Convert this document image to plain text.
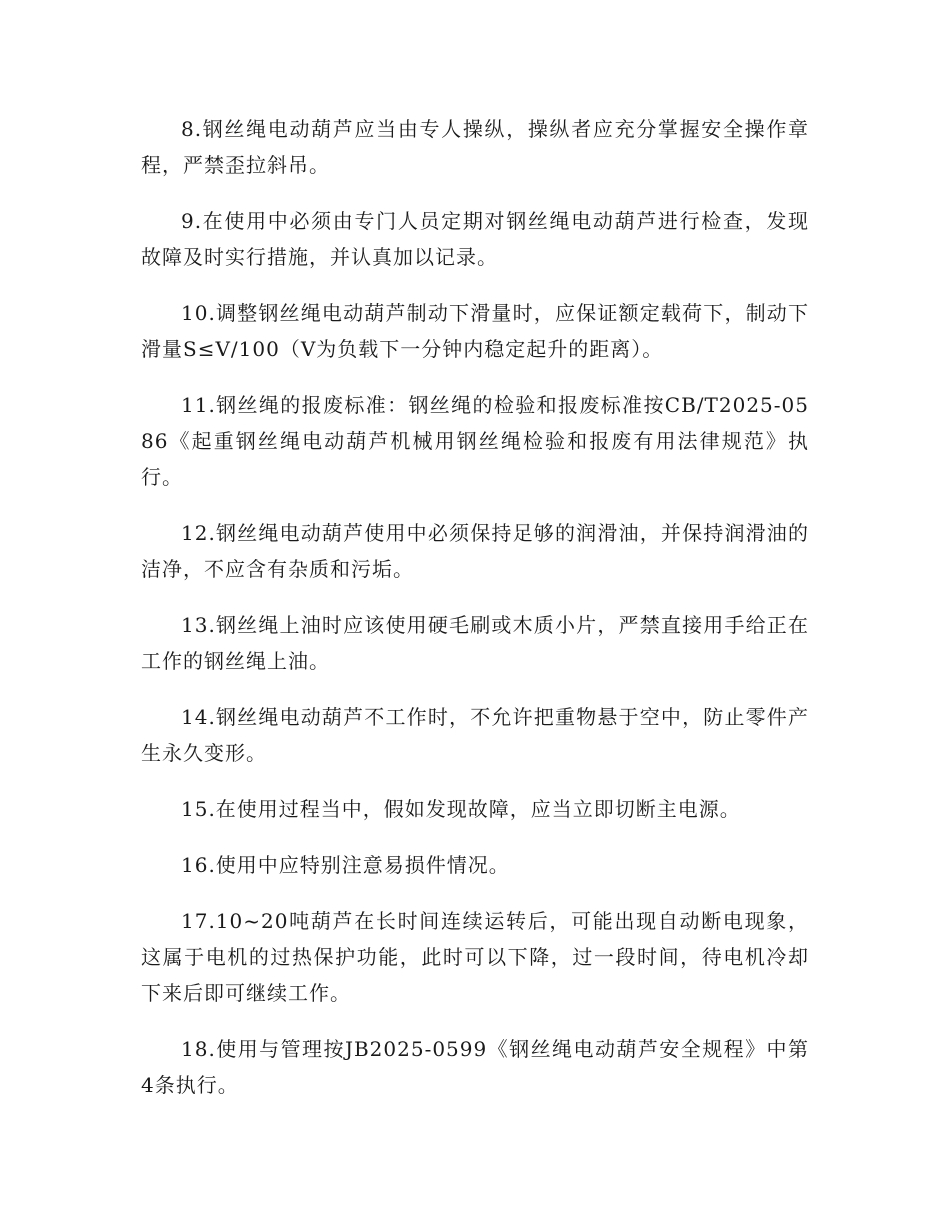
8.钢丝绳电动葫芦应当由专人操纵，操纵者应充分掌握安全操作章程，严禁歪拉斜吊。

9.在使用中必须由专门人员定期对钢丝绳电动葫芦进行检查，发现故障及时实行措施，并认真加以记录。

10.调整钢丝绳电动葫芦制动下滑量时，应保证额定载荷下，制动下滑量S≤V/100（V为负载下一分钟内稳定起升的距离）。

11.钢丝绳的报废标准：钢丝绳的检验和报废标准按CB/T2025-0586《起重钢丝绳电动葫芦机械用钢丝绳检验和报废有用法律规范》执行。

12.钢丝绳电动葫芦使用中必须保持足够的润滑油，并保持润滑油的洁净，不应含有杂质和污垢。

13.钢丝绳上油时应该使用硬毛刷或木质小片，严禁直接用手给正在工作的钢丝绳上油。

14.钢丝绳电动葫芦不工作时，不允许把重物悬于空中，防止零件产生永久变形。

15.在使用过程当中，假如发现故障，应当立即切断主电源。

16.使用中应特别注意易损件情况。

17.10~20吨葫芦在长时间连续运转后，可能出现自动断电现象，这属于电机的过热保护功能，此时可以下降，过一段时间，待电机冷却下来后即可继续工作。

18.使用与管理按JB2025-0599《钢丝绳电动葫芦安全规程》中第4条执行。
